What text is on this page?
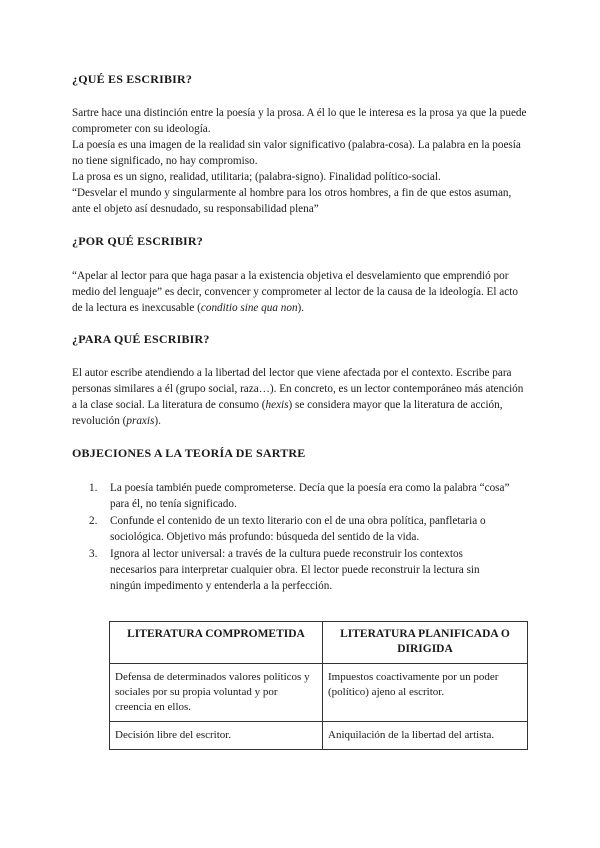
¿QUÉ ES ESCRIBIR?

Sartre hace una distinción entre la poesía y la prosa. A él lo que le interesa es la prosa ya que la puede comprometer con su ideología.

La poesía es una imagen de la realidad sin valor significativo (palabra-cosa). La palabra en la poesía no tiene significado, no hay compromiso.

La prosa es un signo, realidad, utilitaria; (palabra-signo). Finalidad político-social.

“Desvelar el mundo y singularmente al hombre para los otros hombres, a fin de que estos asuman, ante el objeto así desnudado, su responsabilidad plena”

¿POR QUÉ ESCRIBIR?

“Apelar al lector para que haga pasar a la existencia objetiva el desvelamiento que emprendió por medio del lenguaje” es decir, convencer y comprometer al lector de la causa de la ideología. El acto de la lectura es inexcusable (conditio sine qua non).

¿PARA QUÉ ESCRIBIR?

El autor escribe atendiendo a la libertad del lector que viene afectada por el contexto. Escribe para personas similares a él (grupo social, raza…). En concreto, es un lector contemporáneo más atención a la clase social. La literatura de consumo (hexis) se considera mayor que la literatura de acción, revolución (praxis).

OBJECIONES A LA TEORÍA DE SARTRE
1. La poesía también puede comprometerse. Decía que la poesía era como la palabra “cosa” para él, no tenía significado.
2. Confunde el contenido de un texto literario con el de una obra política, panfletaria o sociológica. Objetivo más profundo: búsqueda del sentido de la vida.
3. Ignora al lector universal: a través de la cultura puede reconstruir los contextos necesarios para interpretar cualquier obra. El lector puede reconstruir la lectura sin ningún impedimento y entenderla a la perfección.
LITERATURA COMPROMETIDA	LITERATURA PLANIFICADA O DIRIGIDA
Defensa de determinados valores políticos y sociales por su propia voluntad y por creencia en ellos.	Impuestos coactivamente por un poder (político) ajeno al escritor.
Decisión libre del escritor.	Aniquilación de la libertad del artista.
